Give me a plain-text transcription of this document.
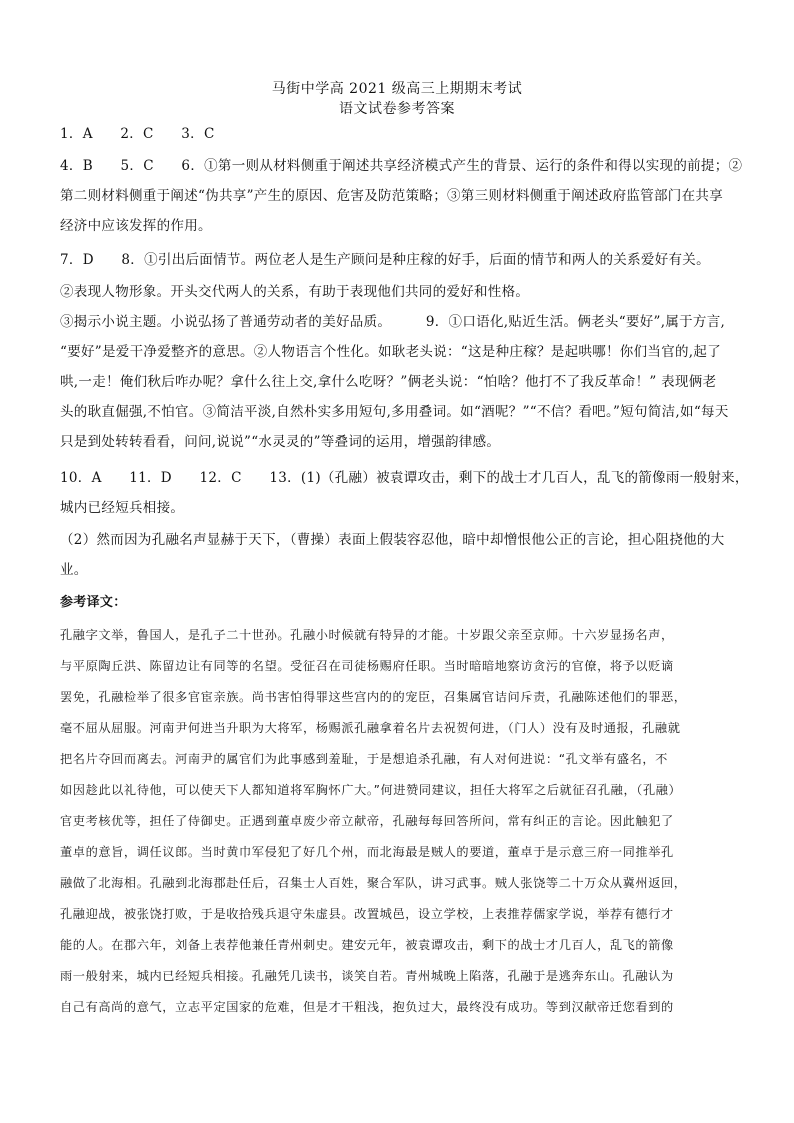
马街中学高 2021 级高三上期期末考试
语文试卷参考答案
1．A　　2．C　　3．C
4．B　　5．C　　6．①第一则从材料侧重于阐述共享经济模式产生的背景、运行的条件和得以实现的前提；②
第二则材料侧重于阐述“伪共享”产生的原因、危害及防范策略；③第三则材料侧重于阐述政府监管部门在共享
经济中应该发挥的作用。
7．D　　8．①引出后面情节。两位老人是生产顾问是种庄稼的好手，后面的情节和两人的关系爱好有关。
②表现人物形象。开头交代两人的关系，有助于表现他们共同的爱好和性格。
③揭示小说主题。小说弘扬了普通劳动者的美好品质。　　　9．①口语化,贴近生活。俩老头“要好”,属于方言,
“要好”是爱干净爱整齐的意思。②人物语言个性化。如耿老头说：“这是种庄稼？是起哄哪！你们当官的,起了
哄,一走！俺们秋后咋办呢？拿什么往上交,拿什么吃呀？”俩老头说：“怕啥？他打不了我反革命！” 表现俩老
头的耿直倔强,不怕官。③简洁平淡,自然朴实多用短句,多用叠词。如“酒呢？”“不信？看吧。”短句简洁,如“每天
只是到处转转看看，问问,说说”“水灵灵的”等叠词的运用，增强韵律感。
10．A　　11．D　　12．C　　13．(1)（孔融）被袁谭攻击，剩下的战士才几百人，乱飞的箭像雨一般射来，
城内已经短兵相接。
（2）然而因为孔融名声显赫于天下，（曹操）表面上假装容忍他，暗中却憎恨他公正的言论，担心阻挠他的大
业。
参考译文：
孔融字文举，鲁国人，是孔子二十世孙。孔融小时候就有特异的才能。十岁跟父亲至京师。十六岁显扬名声，
与平原陶丘洪、陈留边让有同等的名望。受征召在司徒杨赐府任职。当时暗暗地察访贪污的官僚，将予以贬谪
罢免，孔融检举了很多官宦亲族。尚书害怕得罪这些宫内的的宠臣，召集属官诘问斥责，孔融陈述他们的罪恶，
毫不屈从屈服。河南尹何进当升职为大将军，杨赐派孔融拿着名片去祝贺何进，（门人）没有及时通报，孔融就
把名片夺回而离去。河南尹的属官们为此事感到羞耻，于是想追杀孔融，有人对何进说：“孔文举有盛名，不
如因趁此以礼待他，可以使天下人都知道将军胸怀广大。”何进赞同建议，担任大将军之后就征召孔融，（孔融）
官吏考核优等，担任了侍御史。正遇到董卓废少帝立献帝，孔融每每回答所问，常有纠正的言论。因此触犯了
董卓的意旨，调任议郎。当时黄巾军侵犯了好几个州，而北海最是贼人的要道，董卓于是示意三府一同推举孔
融做了北海相。孔融到北海郡赴任后，召集士人百姓，聚合军队，讲习武事。贼人张饶等二十万众从冀州返回，
孔融迎战，被张饶打败，于是收拾残兵退守朱虚县。改置城邑，设立学校，上表推荐儒家学说，举荐有德行才
能的人。在郡六年，刘备上表荐他兼任青州刺史。建安元年，被袁谭攻击，剩下的战士才几百人，乱飞的箭像
雨一般射来，城内已经短兵相接。孔融凭几读书，谈笑自若。青州城晚上陷落，孔融于是逃奔东山。孔融认为
自己有高尚的意气，立志平定国家的危难，但是才干粗浅，抱负过大，最终没有成功。等到汉献帝迁您看到的
